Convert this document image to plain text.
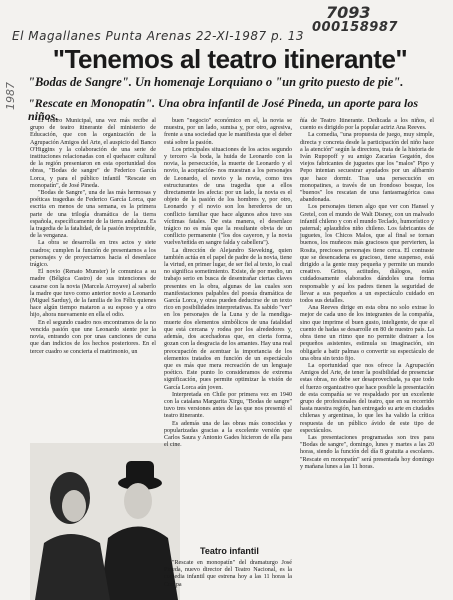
7093
000158987
El Magallanes Punta Arenas 22-XI-1987 p. 13
1987
"Tenemos al teatro itinerante"
"Bodas de Sangre". Un homenaje Lorquiano o "un grito puesto de pie".
"Rescate en Monopatín". Una obra infantil de José Pineda, un aporte para los niños.

El Teatro Municipal, una vez más recibe al grupo de teatro itinerante del ministerio de Educación, que con la organización de la Agrupación Amigos del Arte, el auspicio del Banco O'Higgins y la colaboración de una serie de instituciones relacionadas con el quehacer cultural de la región presentaron en esta oportunidad dos obras, "Bodas de sangre" de Federico García Lorca, y para el público infantil "Rescate en monopatín", de José Pineda.

"Bodas de Sangre", una de las más hermosas y poéticas tragedias de Federico García Lorca, que escrita en menos de una semana, es la primera parte de una trilogía dramática de la tierra española, específicamente de la tierra andaluza. Es la tragedia de la fatalidad, de la pasión irreprimible, de la venganza.

La obra se desarrolla en tres actos y siete cuadros; cumplen la función de presentarnos a los personajes y de proyectarnos hacia el desenlace trágico.

El novio (Renato Munster) le comunica a su madre (Bélgica Castro) de sus intenciones de casarse con la novia (Marcela Arroyave) al saberlo la madre que tuvo como anterior novio a Leonardo (Miguel Sarduy), de la familia de los Félix quienes hace algún tiempo mataron a su esposo y a otro hijo, ahora nuevamente en ella el odio.

En el segundo cuadro nos encontramos de la no vencida pasión que une Leonardo siente por la novia, entrando con por unas canciones de cuna que dan indicios de los hechos posteriores. En el tercer cuadro se concierta el matrimonio, un

buen "negocio" económico en el, la novia se muestra, por un lado, sumisa y, por otro, agresiva, frente a una sociedad que le manifiesta que el deber está sobre la pasión.

Los principales situaciones de los actos segundo y tercero -la boda, la huida de Leonardo con la novia, la persecución, la muerte de Leonardo y el novio, la aceptación- nos muestran a los personajes de Leonardo, el novio y la novia, como tres estructurantes de una tragedia que a ellos directamente les afecta: por un lado, la novia es el objeto de la pasión de los hombres y, por otro, Leonardo y el novio son los herederos de un conflicto familiar que hace algunos años tuvo sus víctimas fatales. De esta manera, el desenlace trágico no es más que la resultante obvia de un conflicto permanente ("los dos cayeron, y la novia vuelve/teñida en sangre falda y cabellera").

La dirección de Alejandro Sieveking, quien también actúa en el papel de padre de la novia, tiene la virtud, en primer lugar, de ser fiel al texto, lo cual no significa sometimiento. Existe, de por medio, un trabajo serio en busca de desentrañar ciertas claves presentes en la obra, algunas de las cuales son manifestaciones palpables del poesía dramática de García Lorca, y otras pueden deducirse de un texto rico en posibilidades interpretativas. Es sabido "ver" en los personajes de la Luna y de la mendiga-muerte dos elementos simbólicos de una fatalidad que está cercana y rodea por los alrededores y, además, dos acechadoras que, en cierta forma, gozan con la desgracia de los amantes. Hay una real preocupación de acentuar la importancia de los elementos tratados en función de un espectáculo que es más que mera recreación de un lenguaje poético. Este punto lo consideramos de extrema significación, pues permite optimizar la visión de García Lorca aún joven.

Interpretada en Chile por primera vez en 1940 con la catalana Margarita Xirgu, "Bodas de sangre" tuvo tres versiones antes de las que nos presentó el teatro itinerante.

Es además una de las obras más conocidas y popularizadas gracias a la excelente versión que Carlos Saura y Antonio Gades hicieron de ella para el cine.

Teatro infantil

"Rescate en monopatín" del dramaturgo José Pineda, nuevo director del Teatro Nacional, es la comedia infantil que estrena hoy a las 11 horas la Compa

ñía de Teatro Itinerante. Dedicada a los niños, el cuento es dirigido por la popular actriz Ana Reeves.

La comedia, "una propuesta de juego, muy simple, directa y concreta desde la participación del niño hace a la atención" según la directora, trata de la historia de Iván Rupopoff y su amigo Zacarías Gegatón, dos viejos fabricantes de juguetes que los "malos" Pipo y Pepo intentan secuestrar ayudados por un alibarnio que hace dormir. Tras una persecución en monopatines, a través de un frondoso bosque, los "buenos" los rescatan de una fantasmagórica casa abandonada.

Los personajes tienen algo que ver con Hansel y Gretel, con el mundo de Walt Disney, con un malvado infantil chileno y con el mundo Teclado, humorístico y paternal; aplaudidos niño chileno. Los fabricantes de juguetes, los Chicos Malos, que al final se tornan buenos, los muñecos más graciosos que pervierten, la Rosita, preciosos personajes tiene cerca. El contraste que se desencadena es gracioso, tiene suspenso, está dirigido a la gente muy pequeña y permite un mundo creativo. Gritos, actitudes, diálogos, están cuidadosamente elaborados dándoles una forma responsable y así los padres tienen la seguridad de llevar a sus pequeños a un espectáculo cuidado en todos sus detalles.

Ana Reeves dirige en esta obra no solo extrae lo mejor de cada uno de los integrantes de la compañía, sino que imprime el buen gusto, inteligente, de que el cuento de hadas se desarrolle en 80 de nuestro país. La obra tiene un ritmo que no permite distraer a los pequeños asistentes, estimula su imaginación, sin obligarle a batir palmas o convertir su espectáculo de una obra sin texto fijo.

La oportunidad que nos ofrece la Agrupación Amigos del Arte, de tener la posibilidad de presenciar estas obras, no debe ser desaprovechada, ya que todo el fuerzo organizativo que hace posible la presentación de esta compañía se ve respaldado por un excelente grupo de profesionales del teatro, que en su recorrido hasta nuestra región, han entregado su arte en ciudades chilenas y argentinas, lo que les ha valido la crítica respuesta de un público ávido de este tipo de espectáculos.

Las presentaciones programadas son tres para "Bodas de sangre", domingo, lunes y martes a las 20 horas, siendo la función del día 8 gratuita a escolares. "Rescate en monopatín" será presentada hoy domingo y mañana lunes a las 11 horas.
